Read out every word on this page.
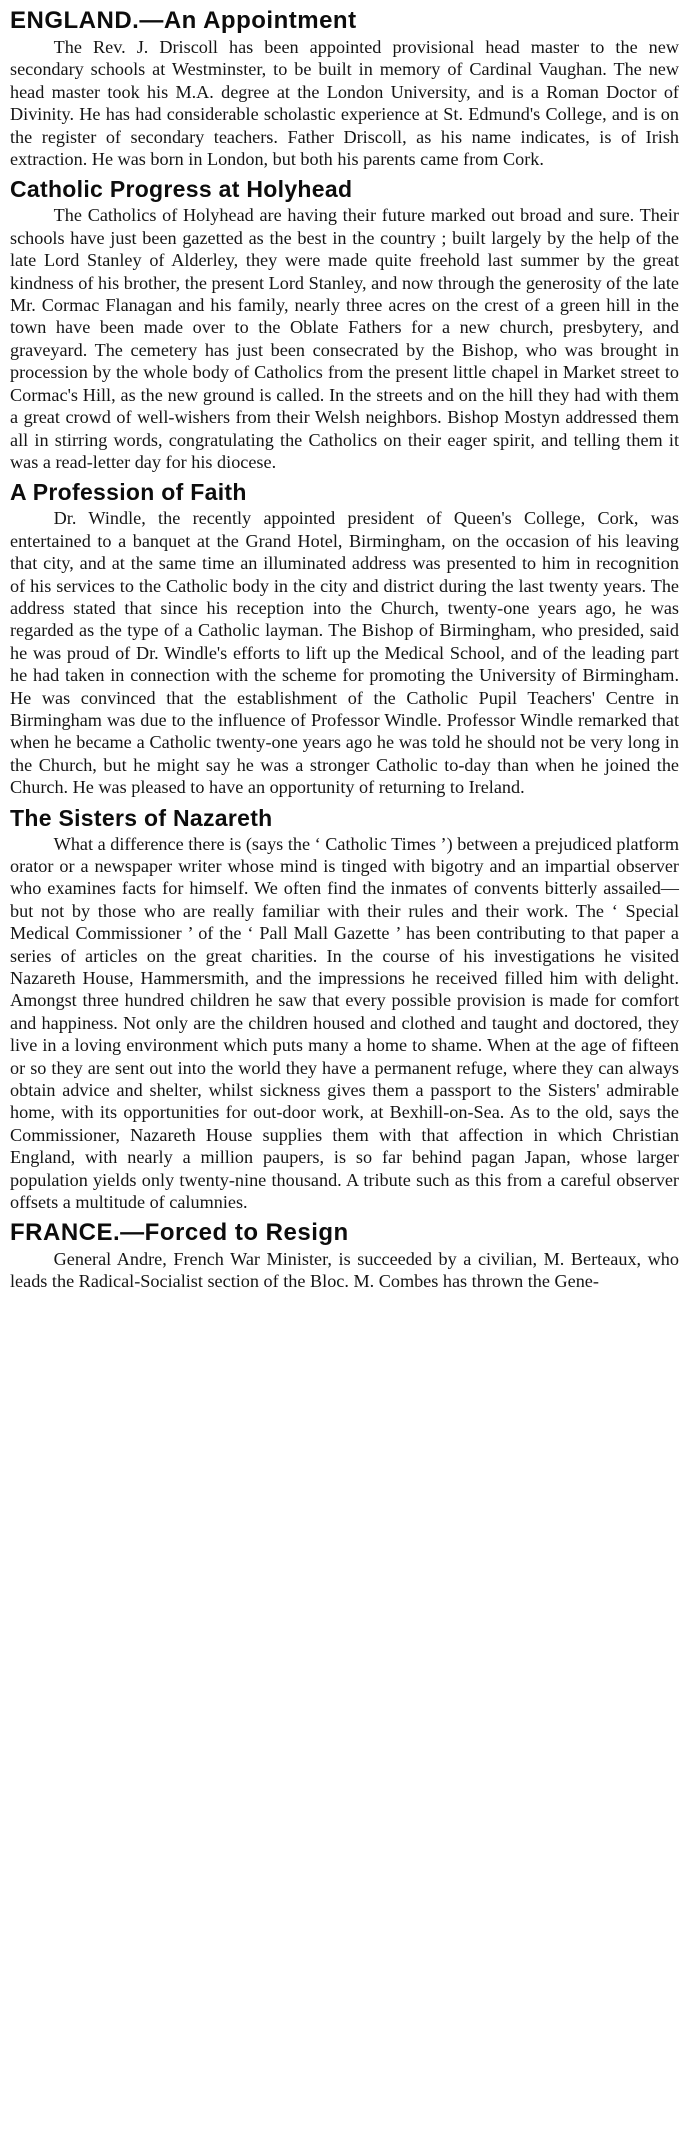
ENGLAND.—An Appointment

The Rev. J. Driscoll has been appointed provisional head master to the new secondary schools at Westminster, to be built in memory of Cardinal Vaughan. The new head master took his M.A. degree at the London University, and is a Roman Doctor of Divinity. He has had considerable scholastic experience at St. Edmund's College, and is on the register of secondary teachers. Father Driscoll, as his name indicates, is of Irish extraction. He was born in London, but both his parents came from Cork.

Catholic Progress at Holyhead

The Catholics of Holyhead are having their future marked out broad and sure. Their schools have just been gazetted as the best in the country ; built largely by the help of the late Lord Stanley of Alderley, they were made quite freehold last summer by the great kindness of his brother, the present Lord Stanley, and now through the generosity of the late Mr. Cormac Flanagan and his family, nearly three acres on the crest of a green hill in the town have been made over to the Oblate Fathers for a new church, presbytery, and graveyard. The cemetery has just been consecrated by the Bishop, who was brought in procession by the whole body of Catholics from the present little chapel in Market street to Cormac's Hill, as the new ground is called. In the streets and on the hill they had with them a great crowd of well-wishers from their Welsh neighbors. Bishop Mostyn addressed them all in stirring words, congratulating the Catholics on their eager spirit, and telling them it was a read-letter day for his diocese.

A Profession of Faith

Dr. Windle, the recently appointed president of Queen's College, Cork, was entertained to a banquet at the Grand Hotel, Birmingham, on the occasion of his leaving that city, and at the same time an illuminated address was presented to him in recognition of his services to the Catholic body in the city and district during the last twenty years. The address stated that since his reception into the Church, twenty-one years ago, he was regarded as the type of a Catholic layman. The Bishop of Birmingham, who presided, said he was proud of Dr. Windle's efforts to lift up the Medical School, and of the leading part he had taken in connection with the scheme for promoting the University of Birmingham. He was convinced that the establishment of the Catholic Pupil Teachers' Centre in Birmingham was due to the influence of Professor Windle. Professor Windle remarked that when he became a Catholic twenty-one years ago he was told he should not be very long in the Church, but he might say he was a stronger Catholic to-day than when he joined the Church. He was pleased to have an opportunity of returning to Ireland.

The Sisters of Nazareth

What a difference there is (says the ‘ Catholic Times ’) between a prejudiced platform orator or a newspaper writer whose mind is tinged with bigotry and an impartial observer who examines facts for himself. We often find the inmates of convents bitterly assailed—but not by those who are really familiar with their rules and their work. The ‘ Special Medical Commissioner ’ of the ‘ Pall Mall Gazette ’ has been contributing to that paper a series of articles on the great charities. In the course of his investigations he visited Nazareth House, Hammersmith, and the impressions he received filled him with delight. Amongst three hundred children he saw that every possible provision is made for comfort and happiness. Not only are the children housed and clothed and taught and doctored, they live in a loving environment which puts many a home to shame. When at the age of fifteen or so they are sent out into the world they have a permanent refuge, where they can always obtain advice and shelter, whilst sickness gives them a passport to the Sisters' admirable home, with its opportunities for out-door work, at Bexhill-on-Sea. As to the old, says the Commissioner, Nazareth House supplies them with that affection in which Christian England, with nearly a million paupers, is so far behind pagan Japan, whose larger population yields only twenty-nine thousand. A tribute such as this from a careful observer offsets a multitude of calumnies.

FRANCE.—Forced to Resign

General Andre, French War Minister, is succeeded by a civilian, M. Berteaux, who leads the Radical-Socialist section of the Bloc. M. Combes has thrown the Gene-
